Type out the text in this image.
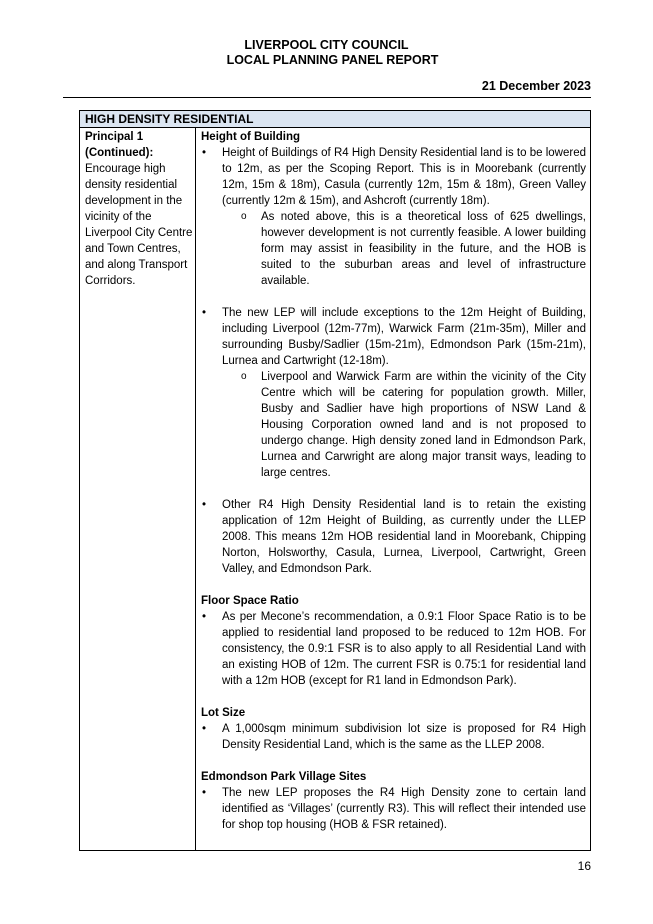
LIVERPOOL CITY COUNCIL
LOCAL PLANNING PANEL REPORT
21 December 2023
HIGH DENSITY RESIDENTIAL
Principal 1 (Continued):
Encourage high density residential development in the vicinity of the Liverpool City Centre and Town Centres, and along Transport Corridors.
Height of Building
• Height of Buildings of R4 High Density Residential land is to be lowered to 12m, as per the Scoping Report. This is in Moorebank (currently 12m, 15m & 18m), Casula (currently 12m, 15m & 18m), Green Valley (currently 12m & 15m), and Ashcroft (currently 18m).
o As noted above, this is a theoretical loss of 625 dwellings, however development is not currently feasible. A lower building form may assist in feasibility in the future, and the HOB is suited to the suburban areas and level of infrastructure available.
• The new LEP will include exceptions to the 12m Height of Building, including Liverpool (12m-77m), Warwick Farm (21m-35m), Miller and surrounding Busby/Sadlier (15m-21m), Edmondson Park (15m-21m), Lurnea and Cartwright (12-18m).
o Liverpool and Warwick Farm are within the vicinity of the City Centre which will be catering for population growth. Miller, Busby and Sadlier have high proportions of NSW Land & Housing Corporation owned land and is not proposed to undergo change. High density zoned land in Edmondson Park, Lurnea and Carwright are along major transit ways, leading to large centres.
• Other R4 High Density Residential land is to retain the existing application of 12m Height of Building, as currently under the LLEP 2008. This means 12m HOB residential land in Moorebank, Chipping Norton, Holsworthy, Casula, Lurnea, Liverpool, Cartwright, Green Valley, and Edmondson Park.
Floor Space Ratio
• As per Mecone’s recommendation, a 0.9:1 Floor Space Ratio is to be applied to residential land proposed to be reduced to 12m HOB. For consistency, the 0.9:1 FSR is to also apply to all Residential Land with an existing HOB of 12m. The current FSR is 0.75:1 for residential land with a 12m HOB (except for R1 land in Edmondson Park).
Lot Size
• A 1,000sqm minimum subdivision lot size is proposed for R4 High Density Residential Land, which is the same as the LLEP 2008.
Edmondson Park Village Sites
• The new LEP proposes the R4 High Density zone to certain land identified as ‘Villages’ (currently R3). This will reflect their intended use for shop top housing (HOB & FSR retained).
16
